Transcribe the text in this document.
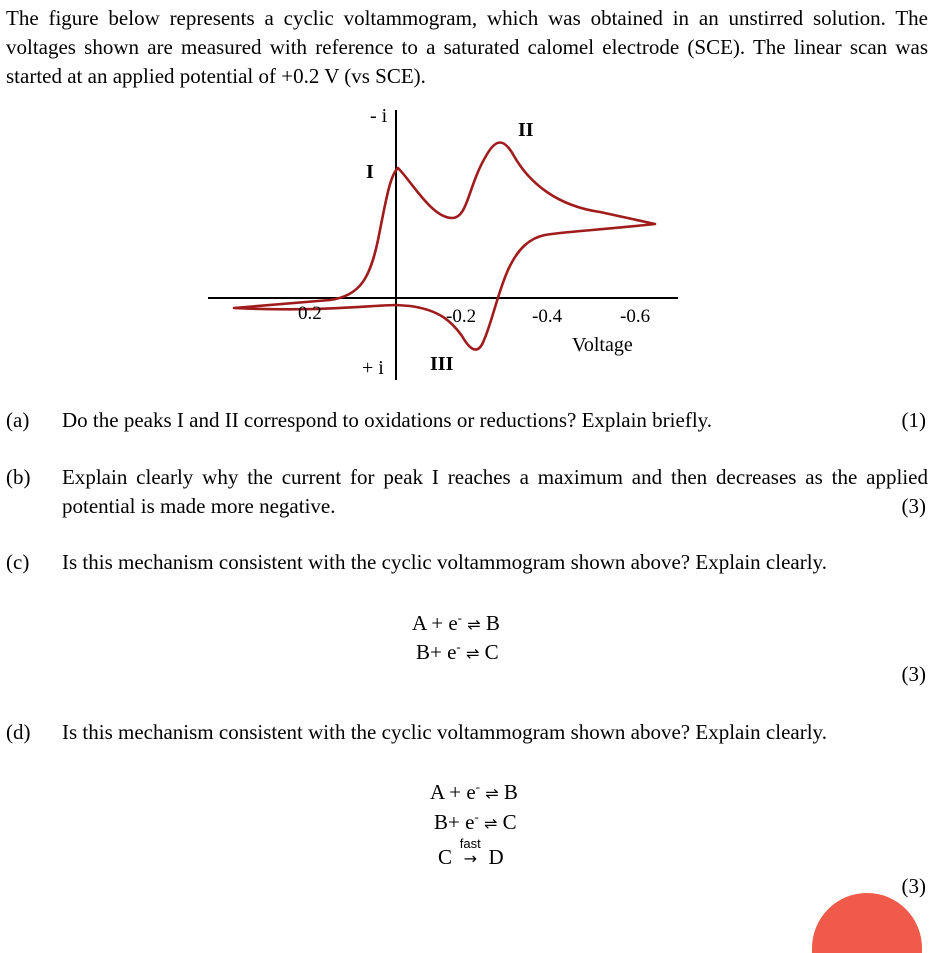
The figure below represents a cyclic voltammogram, which was obtained in an unstirred solution. The voltages shown are measured with reference to a saturated calomel electrode (SCE). The linear scan was started at an applied potential of +0.2 V (vs SCE).
- i
+ i
I
II
III
0.2	-0.2	-0.4	-0.6
Voltage
(a) Do the peaks I and II correspond to oxidations or reductions? Explain briefly.	(1)
(b) Explain clearly why the current for peak I reaches a maximum and then decreases as the applied potential is made more negative.	(3)
(c) Is this mechanism consistent with the cyclic voltammogram shown above? Explain clearly.
A + e- ⇌ B
B+ e- ⇌ C
(3)
(d) Is this mechanism consistent with the cyclic voltammogram shown above? Explain clearly.
A + e- ⇌ B
B+ e- ⇌ C
C
fast
→ D
(3)
